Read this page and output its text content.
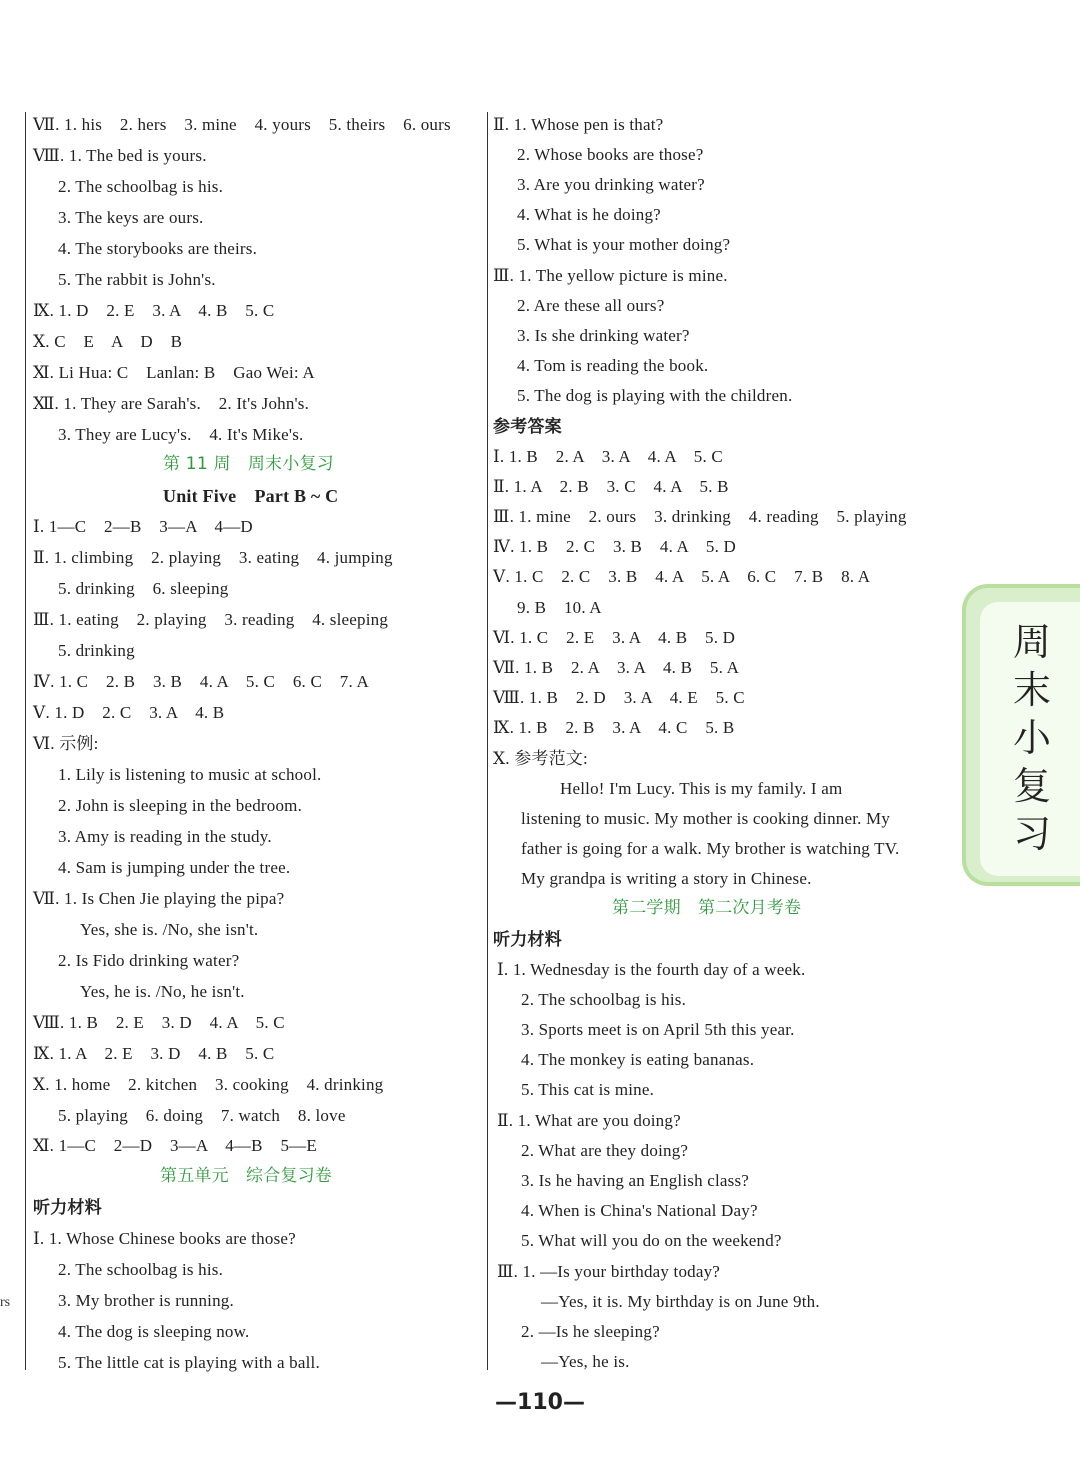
rs
Ⅶ. 1. his    2. hers    3. mine    4. yours    5. theirs    6. ours
Ⅷ. 1. The bed is yours.
2. The schoolbag is his.
3. The keys are ours.
4. The storybooks are theirs.
5. The rabbit is John's.
Ⅸ. 1. D    2. E    3. A    4. B    5. C
Ⅹ. C    E    A    D    B
Ⅺ. Li Hua: C    Lanlan: B    Gao Wei: A
Ⅻ. 1. They are Sarah's.    2. It's John's.
3. They are Lucy's.    4. It's Mike's.
第 11 周　周末小复习
Unit Five　Part B ~ C
Ⅰ. 1—C    2—B    3—A    4—D
Ⅱ. 1. climbing    2. playing    3. eating    4. jumping
5. drinking    6. sleeping
Ⅲ. 1. eating    2. playing    3. reading    4. sleeping
5. drinking
Ⅳ. 1. C    2. B    3. B    4. A    5. C    6. C    7. A
Ⅴ. 1. D    2. C    3. A    4. B
Ⅵ. 示例:
1. Lily is listening to music at school.
2. John is sleeping in the bedroom.
3. Amy is reading in the study.
4. Sam is jumping under the tree.
Ⅶ. 1. Is Chen Jie playing the pipa?
Yes, she is. /No, she isn't.
2. Is Fido drinking water?
Yes, he is. /No, he isn't.
Ⅷ. 1. B    2. E    3. D    4. A    5. C
Ⅸ. 1. A    2. E    3. D    4. B    5. C
Ⅹ. 1. home    2. kitchen    3. cooking    4. drinking
5. playing    6. doing    7. watch    8. love
Ⅺ. 1—C    2—D    3—A    4—B    5—E
第五单元　综合复习卷
听力材料
Ⅰ. 1. Whose Chinese books are those?
2. The schoolbag is his.
3. My brother is running.
4. The dog is sleeping now.
5. The little cat is playing with a ball.
Ⅱ. 1. Whose pen is that?
2. Whose books are those?
3. Are you drinking water?
4. What is he doing?
5. What is your mother doing?
Ⅲ. 1. The yellow picture is mine.
2. Are these all ours?
3. Is she drinking water?
4. Tom is reading the book.
5. The dog is playing with the children.
参考答案
Ⅰ. 1. B    2. A    3. A    4. A    5. C
Ⅱ. 1. A    2. B    3. C    4. A    5. B
Ⅲ. 1. mine    2. ours    3. drinking    4. reading    5. playing
Ⅳ. 1. B    2. C    3. B    4. A    5. D
Ⅴ. 1. C    2. C    3. B    4. A    5. A    6. C    7. B    8. A
9. B    10. A
Ⅵ. 1. C    2. E    3. A    4. B    5. D
Ⅶ. 1. B    2. A    3. A    4. B    5. A
Ⅷ. 1. B    2. D    3. A    4. E    5. C
Ⅸ. 1. B    2. B    3. A    4. C    5. B
Ⅹ. 参考范文:
Hello! I'm Lucy. This is my family. I am
listening to music. My mother is cooking dinner. My
father is going for a walk. My brother is watching TV.
My grandpa is writing a story in Chinese.
第二学期　第二次月考卷
听力材料
Ⅰ. 1. Wednesday is the fourth day of a week.
2. The schoolbag is his.
3. Sports meet is on April 5th this year.
4. The monkey is eating bananas.
5. This cat is mine.
Ⅱ. 1. What are you doing?
2. What are they doing?
3. Is he having an English class?
4. When is China's National Day?
5. What will you do on the weekend?
Ⅲ. 1. —Is your birthday today?
—Yes, it is. My birthday is on June 9th.
2. —Is he sleeping?
—Yes, he is.
周
末
小
复
习
—110—
